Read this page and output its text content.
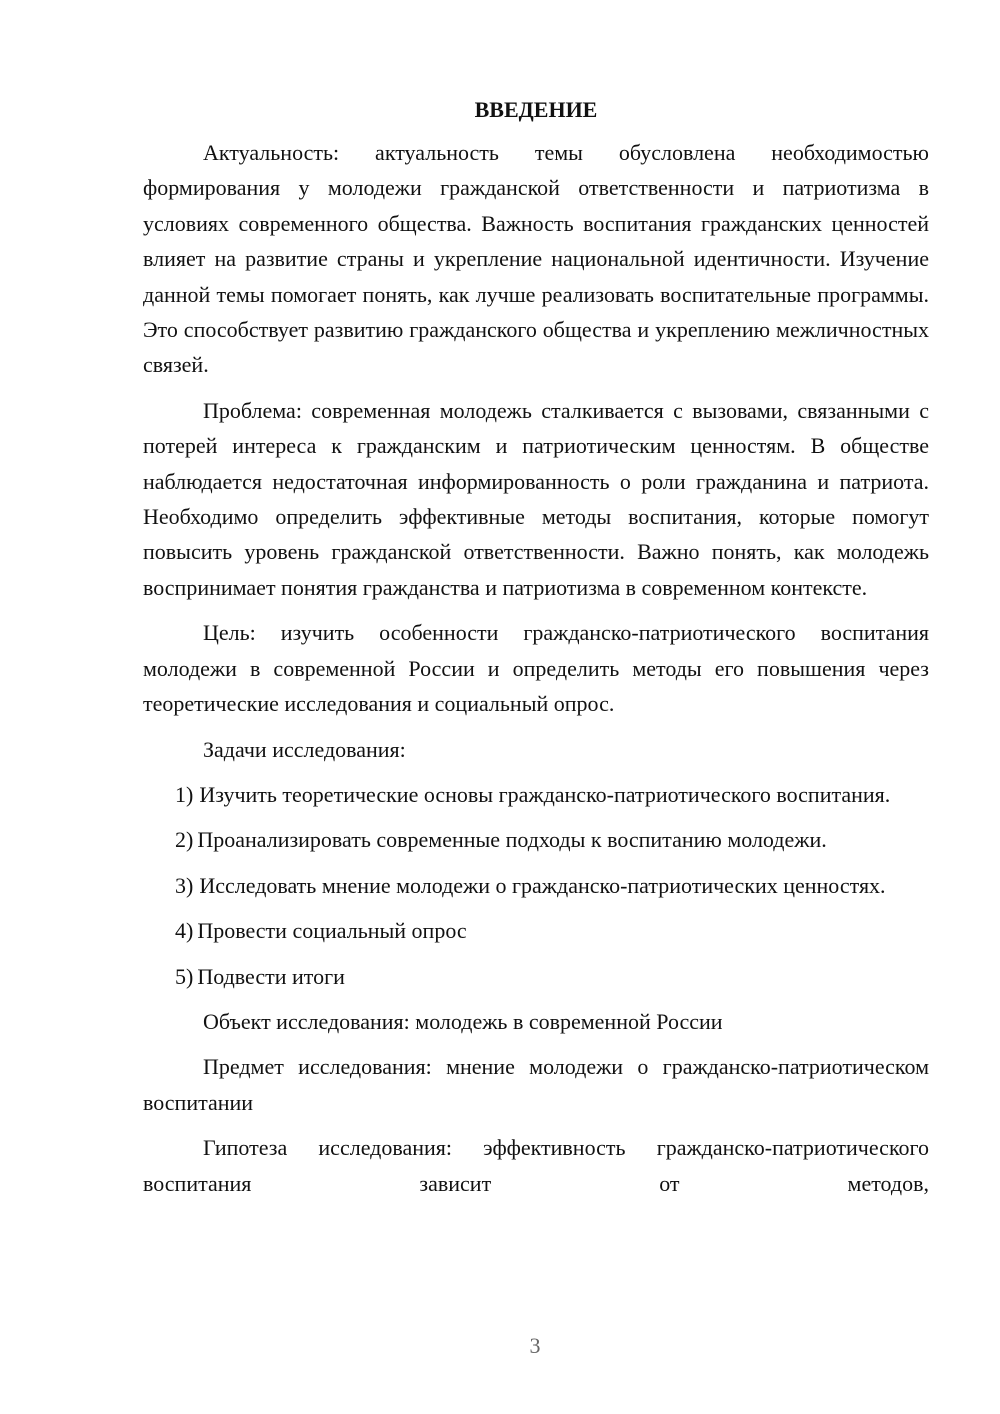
ВВЕДЕНИЕ

Актуальность: актуальность темы обусловлена необходимостью формирования у молодежи гражданской ответственности и патриотизма в условиях современного общества. Важность воспитания гражданских ценностей влияет на развитие страны и укрепление национальной идентичности. Изучение данной темы помогает понять, как лучше реализовать воспитательные программы. Это способствует развитию гражданского общества и укреплению межличностных связей.

Проблема: современная молодежь сталкивается с вызовами, связанными с потерей интереса к гражданским и патриотическим ценностям. В обществе наблюдается недостаточная информированность о роли гражданина и патриота. Необходимо определить эффективные методы воспитания, которые помогут повысить уровень гражданской ответственности. Важно понять, как молодежь воспринимает понятия гражданства и патриотизма в современном контексте.

Цель: изучить особенности гражданско-патриотического воспитания молодежи в современной России и определить методы его повышения через теоретические исследования и социальный опрос.

Задачи исследования:

1) Изучить теоретические основы гражданско-патриотического воспитания.

2) Проанализировать современные подходы к воспитанию молодежи.

3) Исследовать мнение молодежи о гражданско-патриотических ценностях.

4) Провести социальный опрос

5) Подвести итоги

Объект исследования: молодежь в современной России

Предмет исследования: мнение молодежи о гражданско-патриотическом воспитании

Гипотеза исследования: эффективность гражданско-патриотического воспитания зависит от методов,

3
